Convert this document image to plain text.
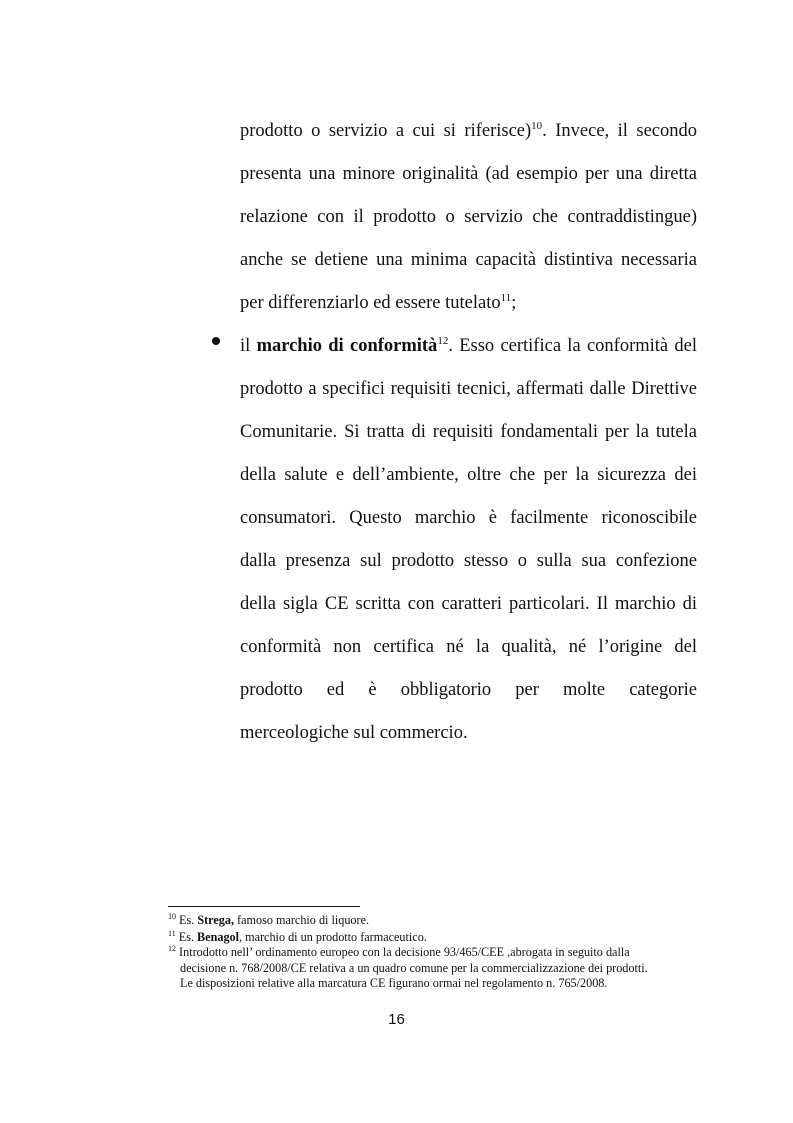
prodotto o servizio a cui si riferisce)$^{10}$. Invece, il secondo
presenta una minore originalità (ad esempio per una diretta
relazione con il prodotto o servizio che contraddistingue)
anche se detiene una minima capacità distintiva necessaria
per differenziarlo ed essere tutelato$^{11}$;
il marchio di conformità$^{12}$. Esso certifica la conformità del
prodotto a specifici requisiti tecnici, affermati dalle Direttive
Comunitarie. Si tratta di requisiti fondamentali per la tutela
della salute e dell’ambiente, oltre che per la sicurezza dei
consumatori. Questo marchio è facilmente riconoscibile
dalla presenza sul prodotto stesso o sulla sua confezione
della sigla CE scritta con caratteri particolari. Il marchio di
conformità non certifica né la qualità, né l’origine del
prodotto ed è obbligatorio per molte categorie
merceologiche sul commercio.
$^{10}$ Es. Strega, famoso marchio di liquore.
$^{11}$ Es. Benagol, marchio di un prodotto farmaceutico.
$^{12}$ Introdotto nell’ ordinamento europeo con la decisione 93/465/CEE ,abrogata in seguito dalla
decisione n. 768/2008/CE relativa a un quadro comune per la commercializzazione dei prodotti.
Le disposizioni relative alla marcatura CE figurano ormai nel regolamento n. 765/2008.
16
